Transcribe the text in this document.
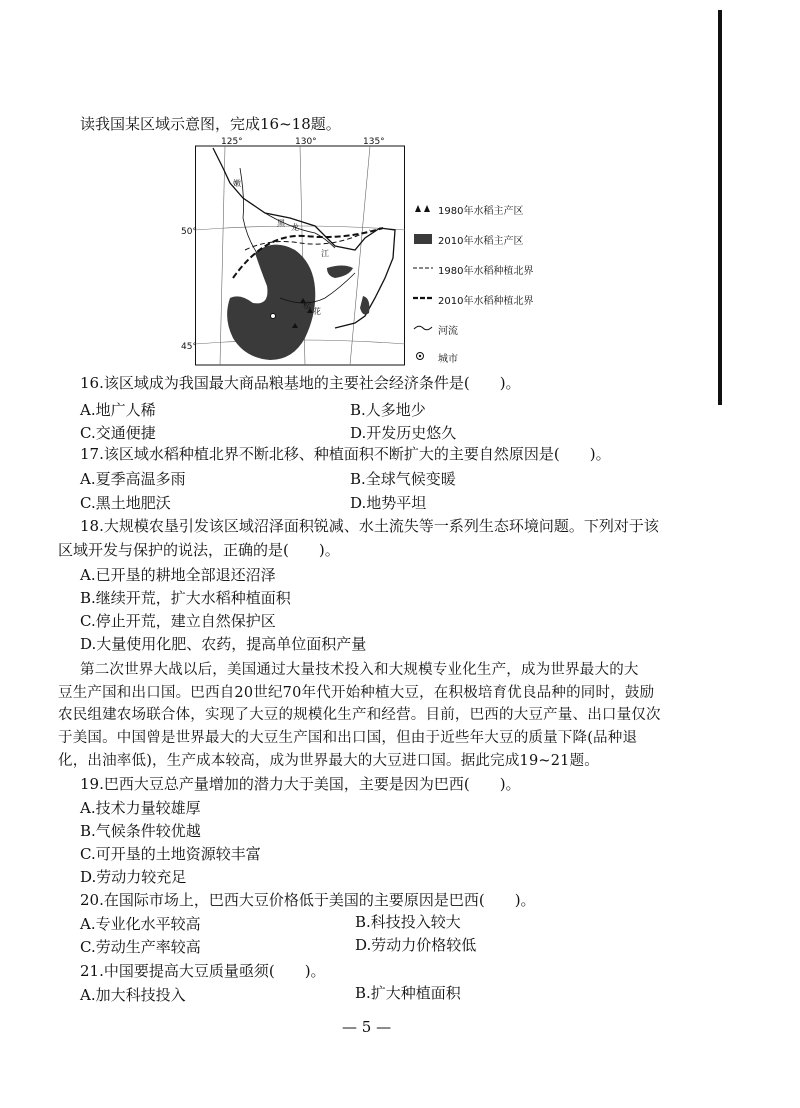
读我国某区域示意图，完成16~18题。
125°	130°	135°
50°
45°
嫩
黑 龙
江
松
花
1980年水稻主产区
2010年水稻主产区
1980年水稻种植北界
2010年水稻种植北界
河流
城市
16.该区域成为我国最大商品粮基地的主要社会经济条件是(　　)。
A.地广人稀	B.人多地少
C.交通便捷	D.开发历史悠久
17.该区域水稻种植北界不断北移、种植面积不断扩大的主要自然原因是(　　)。
A.夏季高温多雨	B.全球气候变暖
C.黑土地肥沃	D.地势平坦
18.大规模农垦引发该区域沼泽面积锐减、水土流失等一系列生态环境问题。下列对于该
区域开发与保护的说法，正确的是(　　)。
A.已开垦的耕地全部退还沼泽
B.继续开荒，扩大水稻种植面积
C.停止开荒，建立自然保护区
D.大量使用化肥、农药，提高单位面积产量
第二次世界大战以后，美国通过大量技术投入和大规模专业化生产，成为世界最大的大
豆生产国和出口国。巴西自20世纪70年代开始种植大豆，在积极培育优良品种的同时，鼓励
农民组建农场联合体，实现了大豆的规模化生产和经营。目前，巴西的大豆产量、出口量仅次
于美国。中国曾是世界最大的大豆生产国和出口国，但由于近些年大豆的质量下降(品种退
化，出油率低)，生产成本较高，成为世界最大的大豆进口国。据此完成19~21题。
19.巴西大豆总产量增加的潜力大于美国，主要是因为巴西(　　)。
A.技术力量较雄厚
B.气候条件较优越
C.可开垦的土地资源较丰富
D.劳动力较充足
20.在国际市场上，巴西大豆价格低于美国的主要原因是巴西(　　)。
A.专业化水平较高	B.科技投入较大
C.劳动生产率较高	D.劳动力价格较低
21.中国要提高大豆质量亟须(　　)。
A.加大科技投入	B.扩大种植面积
— 5 —
